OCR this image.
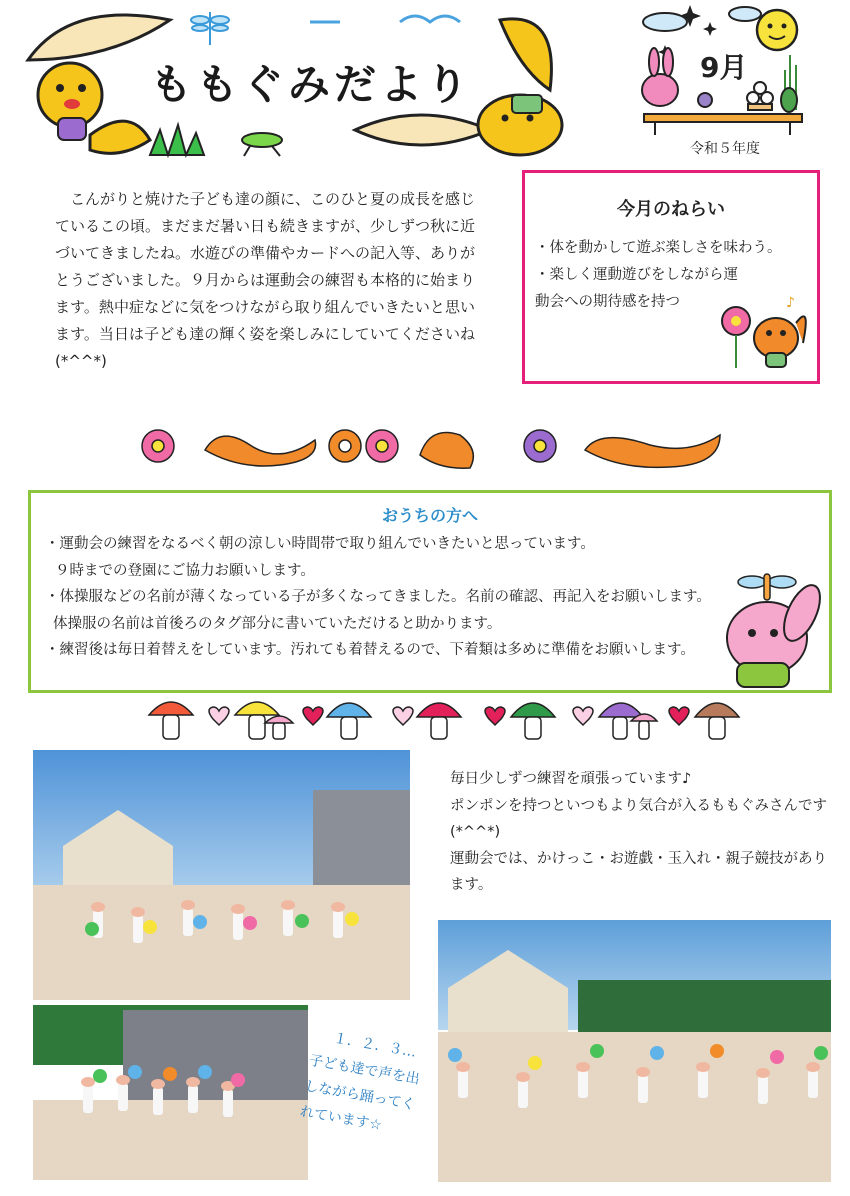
ももぐみだより	9月
令和５年度

こんがりと焼けた子ども達の顔に、このひと夏の成長を感じているこの頃。まだまだ暑い日も続きますが、少しずつ秋に近づいてきましたね。水遊びの準備やカードへの記入等、ありがとうございました。９月からは運動会の練習も本格的に始まります。熱中症などに気をつけながら取り組んでいきたいと思います。当日は子ども達の輝く姿を楽しみにしていてくださいね(*^^*)

今月のねらい
・体を動かして遊ぶ楽しさを味わう。
・楽しく運動遊びをしながら運動会への期待感を持つ	♪
おうちの方へ
・運動会の練習をなるべく朝の涼しい時間帯で取り組んでいきたいと思っています。
９時までの登園にご協力お願いします。
・体操服などの名前が薄くなっている子が多くなってきました。名前の確認、再記入をお願いします。
体操服の名前は首後ろのタグ部分に書いていただけると助かります。
・練習後は毎日着替えをしています。汚れても着替えるので、下着類は多めに準備をお願いします。
毎日少しずつ練習を頑張っています♪
ポンポンを持つといつもより気合が入るももぐみさんです(*^^*)
運動会では、かけっこ・お遊戯・玉入れ・親子競技があります。
１．２．３…
子ども達で声を出しながら踊ってくれています☆
